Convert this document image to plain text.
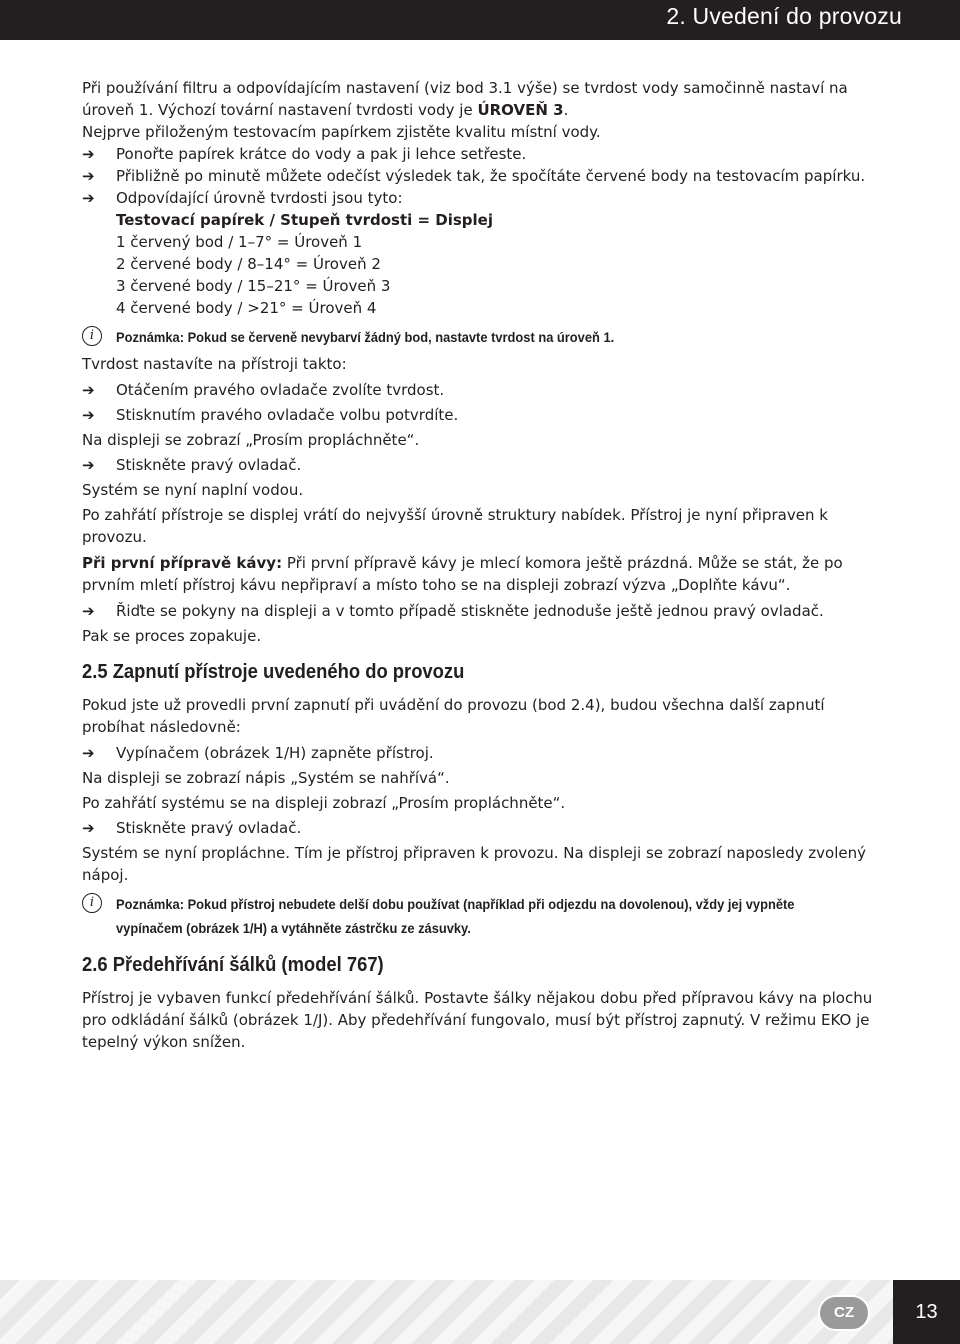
2. Uvedení do provozu

Při používání filtru a odpovídajícím nastavení (viz bod 3.1 výše) se tvrdost vody samočinně nastaví na

úroveň 1. Výchozí tovární nastavení tvrdosti vody je ÚROVEŇ 3.

Nejprve přiloženým testovacím papírkem zjistěte kvalitu místní vody.

➔	Ponořte papírek krátce do vody a pak ji lehce setřeste.
➔	Přibližně po minutě můžete odečíst výsledek tak, že spočítáte červené body na testovacím papírku.
➔	Odpovídající úrovně tvrdosti jsou tyto:
Testovací papírek / Stupeň tvrdosti = Displej
1 červený bod / 1–7° = Úroveň 1
2 červené body / 8–14° = Úroveň 2
3 červené body / 15–21° = Úroveň 3
4 červené body / >21° = Úroveň 4
i	Poznámka: Pokud se červeně nevybarví žádný bod, nastavte tvrdost na úroveň 1.

Tvrdost nastavíte na přístroji takto:

➔	Otáčením pravého ovladače zvolíte tvrdost.
➔	Stisknutím pravého ovladače volbu potvrdíte.

Na displeji se zobrazí „Prosím propláchněte“.

➔	Stiskněte pravý ovladač.

Systém se nyní naplní vodou.

Po zahřátí přístroje se displej vrátí do nejvyšší úrovně struktury nabídek. Přístroj je nyní připraven k provozu.

Při první přípravě kávy: Při první přípravě kávy je mlecí komora ještě prázdná. Může se stát, že po prvním mletí přístroj kávu nepřipraví a místo toho se na displeji zobrazí výzva „Doplňte kávu“.

➔	Řiďte se pokyny na displeji a v tomto případě stiskněte jednoduše ještě jednou pravý ovladač.

Pak se proces zopakuje.

2.5 Zapnutí přístroje uvedeného do provozu

Pokud jste už provedli první zapnutí při uvádění do provozu (bod 2.4), budou všechna další zapnutí probíhat následovně:

➔	Vypínačem (obrázek 1/H) zapněte přístroj.

Na displeji se zobrazí nápis „Systém se nahřívá“.

Po zahřátí systému se na displeji zobrazí „Prosím propláchněte“.

➔	Stiskněte pravý ovladač.

Systém se nyní propláchne. Tím je přístroj připraven k provozu. Na displeji se zobrazí naposledy zvolený nápoj.

i	Poznámka: Pokud přístroj nebudete delší dobu používat (například při odjezdu na dovolenou), vždy jej vypněte
vypínačem (obrázek 1/H) a vytáhněte zástrčku ze zásuvky.
2.6 Předehřívání šálků (model 767)

Přístroj je vybaven funkcí předehřívání šálků. Postavte šálky nějakou dobu před přípravou kávy na plochu pro odkládání šálků (obrázek 1/J). Aby předehřívání fungovalo, musí být přístroj zapnutý. V režimu EKO je tepelný výkon snížen.

CZ	13
